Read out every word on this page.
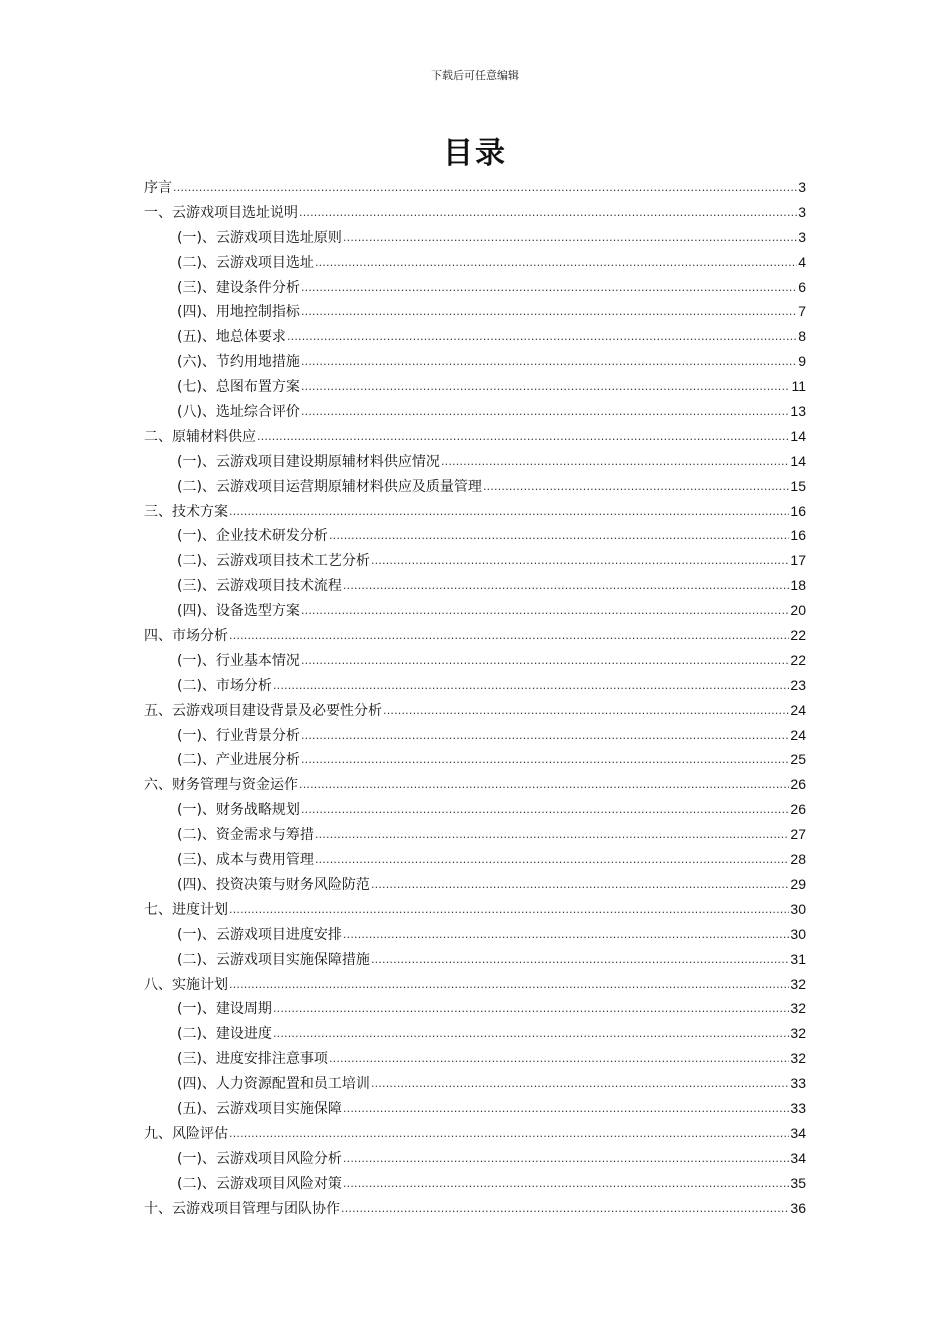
下载后可任意编辑
目录
序言 .....	3
一、云游戏项目选址说明 .....	3
(一)、云游戏项目选址原则 .....	3
(二)、云游戏项目选址 .....	4
(三)、建设条件分析 .....	6
(四)、用地控制指标 .....	7
(五)、地总体要求 .....	8
(六)、节约用地措施 .....	9
(七)、总图布置方案 .....	11
(八)、选址综合评价 .....	13
二、原辅材料供应 .....	14
(一)、云游戏项目建设期原辅材料供应情况 .....	14
(二)、云游戏项目运营期原辅材料供应及质量管理 .....	15
三、技术方案 .....	16
(一)、企业技术研发分析 .....	16
(二)、云游戏项目技术工艺分析 .....	17
(三)、云游戏项目技术流程 .....	18
(四)、设备选型方案 .....	20
四、市场分析 .....	22
(一)、行业基本情况 .....	22
(二)、市场分析 .....	23
五、云游戏项目建设背景及必要性分析 .....	24
(一)、行业背景分析 .....	24
(二)、产业进展分析 .....	25
六、财务管理与资金运作 .....	26
(一)、财务战略规划 .....	26
(二)、资金需求与筹措 .....	27
(三)、成本与费用管理 .....	28
(四)、投资决策与财务风险防范 .....	29
七、进度计划 .....	30
(一)、云游戏项目进度安排 .....	30
(二)、云游戏项目实施保障措施 .....	31
八、实施计划 .....	32
(一)、建设周期 .....	32
(二)、建设进度 .....	32
(三)、进度安排注意事项 .....	32
(四)、人力资源配置和员工培训 .....	33
(五)、云游戏项目实施保障 .....	33
九、风险评估 .....	34
(一)、云游戏项目风险分析 .....	34
(二)、云游戏项目风险对策 .....	35
十、云游戏项目管理与团队协作 .....	36
